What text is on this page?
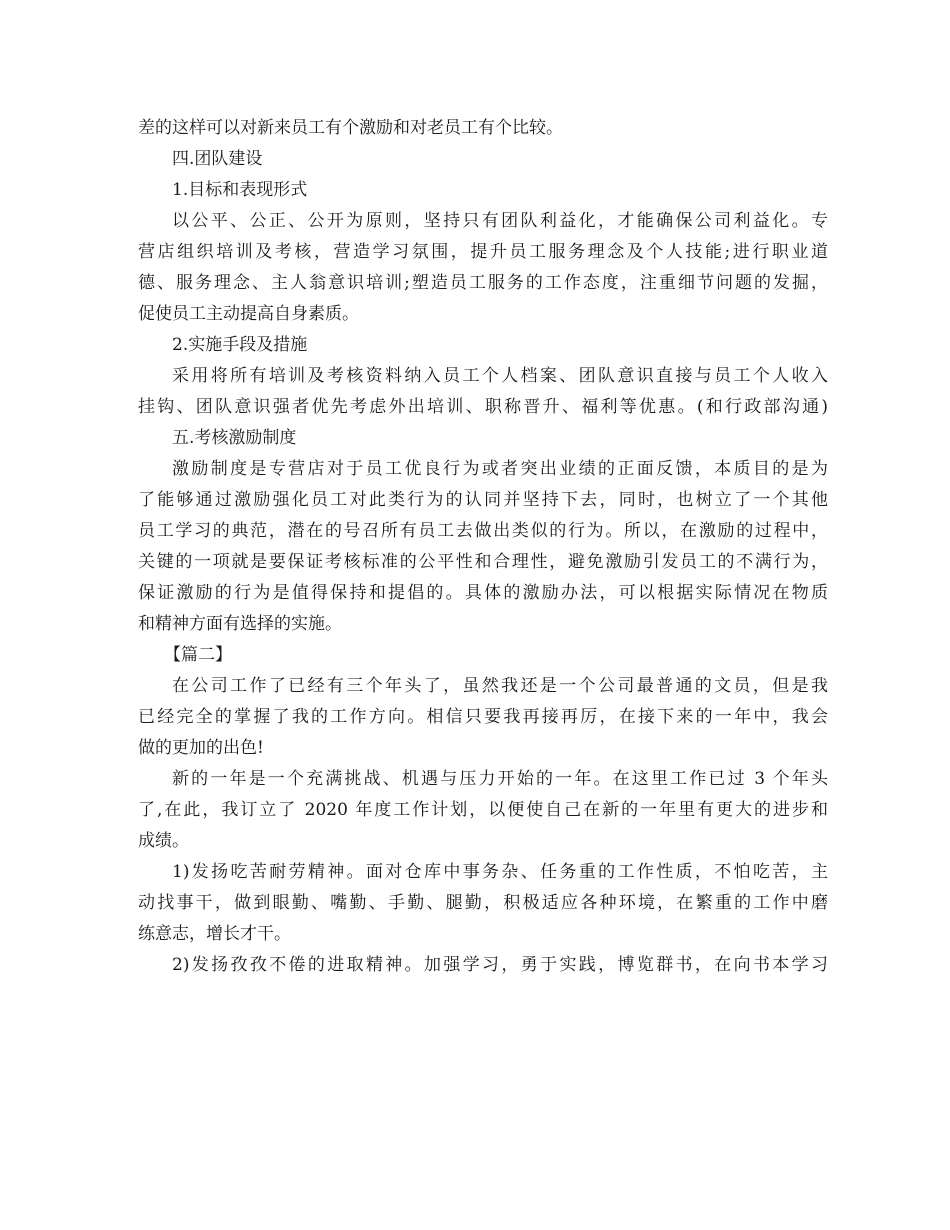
差的这样可以对新来员工有个激励和对老员工有个比较。
四.团队建设
1.目标和表现形式
以公平、公正、公开为原则，坚持只有团队利益化，才能确保公司利益化。专
营店组织培训及考核，营造学习氛围，提升员工服务理念及个人技能;进行职业道
德、服务理念、主人翁意识培训;塑造员工服务的工作态度，注重细节问题的发掘，
促使员工主动提高自身素质。
2.实施手段及措施
采用将所有培训及考核资料纳入员工个人档案、团队意识直接与员工个人收入
挂钩、团队意识强者优先考虑外出培训、职称晋升、福利等优惠。(和行政部沟通)
五.考核激励制度
激励制度是专营店对于员工优良行为或者突出业绩的正面反馈，本质目的是为
了能够通过激励强化员工对此类行为的认同并坚持下去，同时，也树立了一个其他
员工学习的典范，潜在的号召所有员工去做出类似的行为。所以，在激励的过程中，
关键的一项就是要保证考核标准的公平性和合理性，避免激励引发员工的不满行为，
保证激励的行为是值得保持和提倡的。具体的激励办法，可以根据实际情况在物质
和精神方面有选择的实施。
【篇二】
在公司工作了已经有三个年头了，虽然我还是一个公司最普通的文员，但是我
已经完全的掌握了我的工作方向。相信只要我再接再厉，在接下来的一年中，我会
做的更加的出色!
新的一年是一个充满挑战、机遇与压力开始的一年。在这里工作已过 3 个年头
了,在此，我订立了 2020 年度工作计划，以便使自己在新的一年里有更大的进步和
成绩。
1)发扬吃苦耐劳精神。面对仓库中事务杂、任务重的工作性质，不怕吃苦，主
动找事干，做到眼勤、嘴勤、手勤、腿勤，积极适应各种环境，在繁重的工作中磨
练意志，增长才干。
2)发扬孜孜不倦的进取精神。加强学习，勇于实践，博览群书，在向书本学习
